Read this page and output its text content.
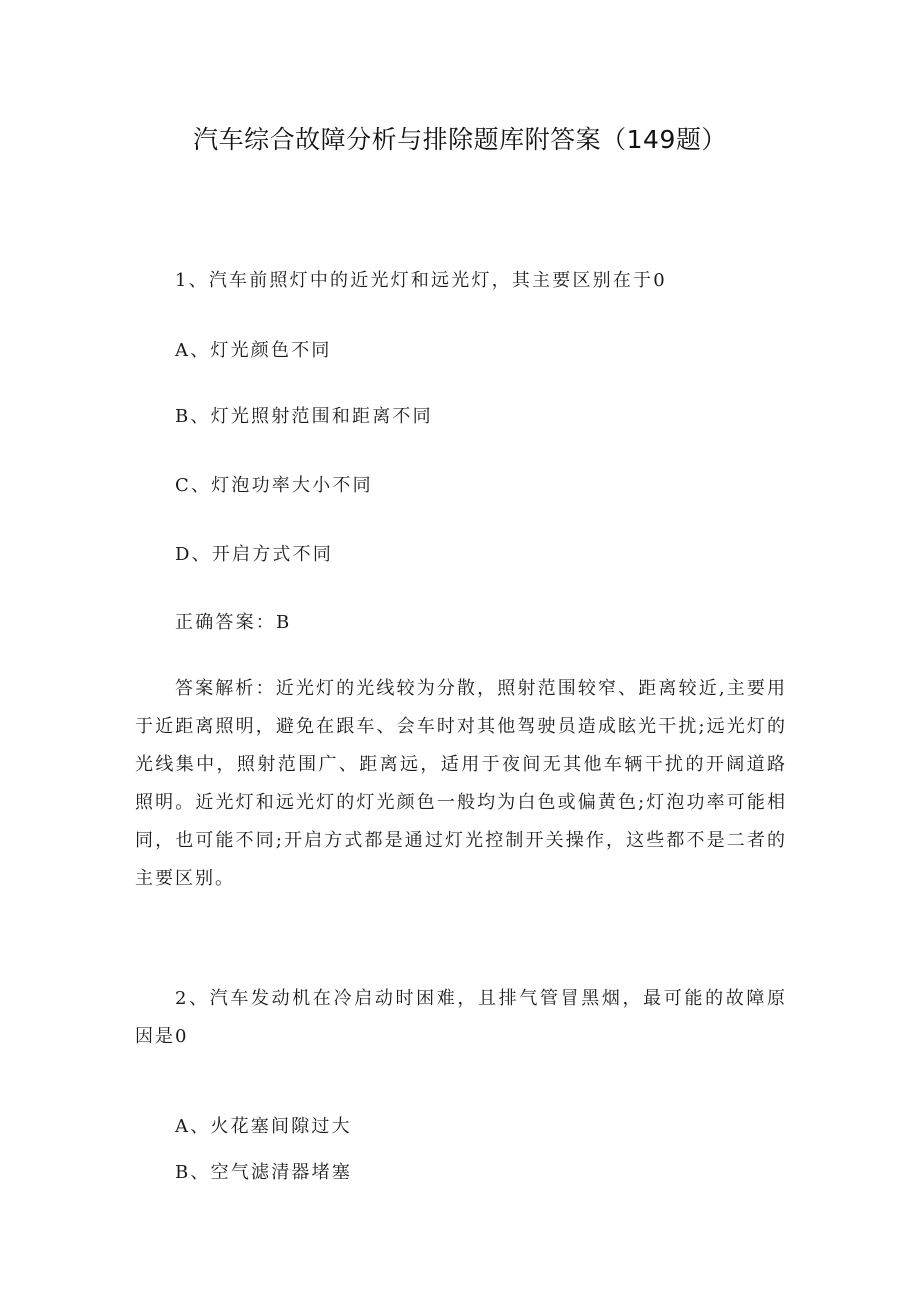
汽车综合故障分析与排除题库附答案（149题）

1、汽车前照灯中的近光灯和远光灯，其主要区别在于0

A、灯光颜色不同

B、灯光照射范围和距离不同

C、灯泡功率大小不同

D、开启方式不同

正确答案：B

答案解析：近光灯的光线较为分散，照射范围较窄、距离较近,主要用于近距离照明，避免在跟车、会车时对其他驾驶员造成眩光干扰;远光灯的光线集中，照射范围广、距离远，适用于夜间无其他车辆干扰的开阔道路照明。近光灯和远光灯的灯光颜色一般均为白色或偏黄色;灯泡功率可能相同，也可能不同;开启方式都是通过灯光控制开关操作，这些都不是二者的主要区别。

2、汽车发动机在冷启动时困难，且排气管冒黑烟，最可能的故障原因是0

A、火花塞间隙过大

B、空气滤清器堵塞
